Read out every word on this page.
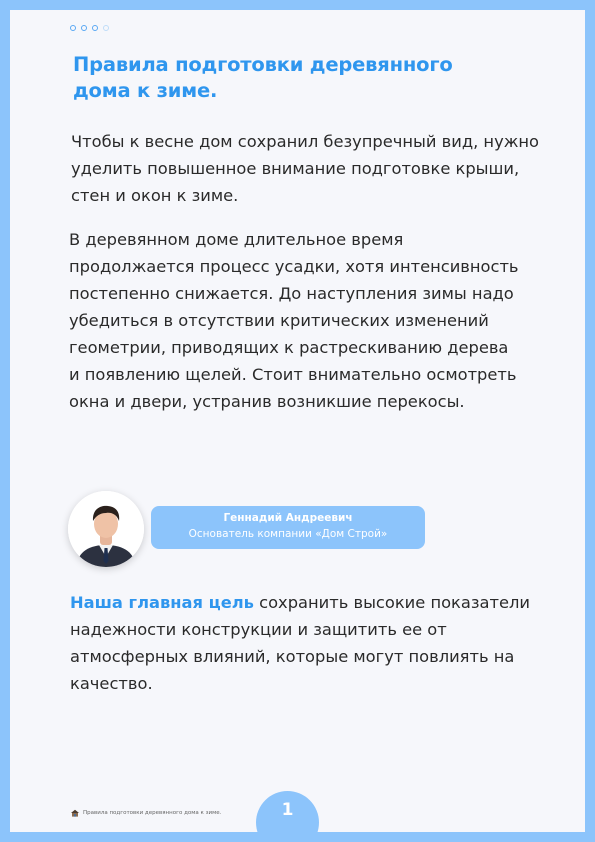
Правила подготовки деревянного дома к зиме.

Чтобы к весне дом сохранил безупречный вид, нужно уделить повышенное внимание подготовке крыши, стен и окон к зиме.

В деревянном доме длительное время продолжается процесс усадки, хотя интенсивность постепенно снижается. До наступления зимы надо убедиться в отсутствии критических изменений геометрии, приводящих к растрескиванию дерева и появлению щелей. Стоит внимательно осмотреть окна и двери, устранив возникшие перекосы.

Геннадий Андреевич
Основатель компании «Дом Строй»

Наша главная цель сохранить высокие показатели надежности конструкции и защитить ее от атмосферных влияний, которые могут повлиять на качество.

Правила подготовки деревянного дома к зиме.	1
